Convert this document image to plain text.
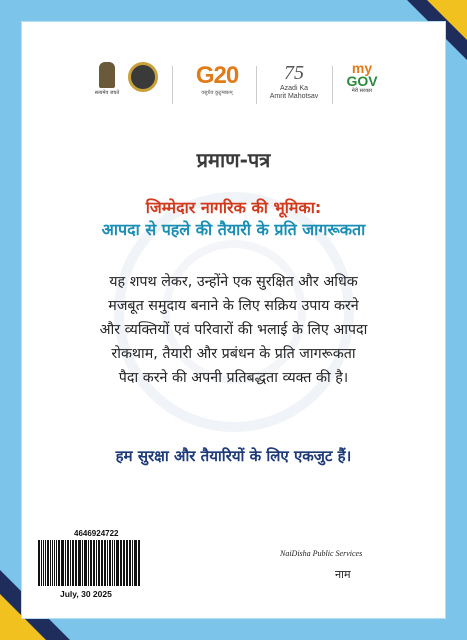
सत्यमेव जयते
G20
वसुधैव कुटुम्बकम्
75
Azadi Ka
Amrit Mahotsav
my
GOV
मेरी सरकार
प्रमाण-पत्र
जिम्मेदार नागरिक की भूमिका:
आपदा से पहले की तैयारी के प्रति जागरूकता
यह शपथ लेकर, उन्होंने एक सुरक्षित और अधिक
मजबूत समुदाय बनाने के लिए सक्रिय उपाय करने
और व्यक्तियों एवं परिवारों की भलाई के लिए आपदा
रोकथाम, तैयारी और प्रबंधन के प्रति जागरूकता
पैदा करने की अपनी प्रतिबद्धता व्यक्त की है।
हम सुरक्षा और तैयारियों के लिए एकजुट हैं।
4646924722
July, 30 2025
NaiDisha Public Services
नाम
